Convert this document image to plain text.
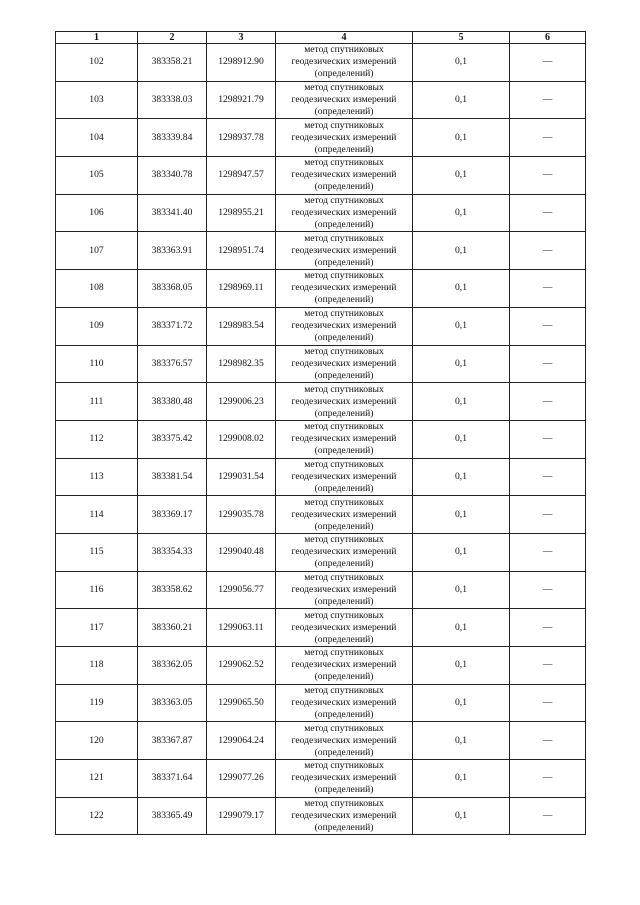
1	2	3	4	5	6
102	383358.21	1298912.90	метод спутниковых
геодезических измерений
(определений)	0,1	—
103	383338.03	1298921.79	метод спутниковых
геодезических измерений
(определений)	0,1	—
104	383339.84	1298937.78	метод спутниковых
геодезических измерений
(определений)	0,1	—
105	383340.78	1298947.57	метод спутниковых
геодезических измерений
(определений)	0,1	—
106	383341.40	1298955.21	метод спутниковых
геодезических измерений
(определений)	0,1	—
107	383363.91	1298951.74	метод спутниковых
геодезических измерений
(определений)	0,1	—
108	383368.05	1298969.11	метод спутниковых
геодезических измерений
(определений)	0,1	—
109	383371.72	1298983.54	метод спутниковых
геодезических измерений
(определений)	0,1	—
110	383376.57	1298982.35	метод спутниковых
геодезических измерений
(определений)	0,1	—
111	383380.48	1299006.23	метод спутниковых
геодезических измерений
(определений)	0,1	—
112	383375.42	1299008.02	метод спутниковых
геодезических измерений
(определений)	0,1	—
113	383381.54	1299031.54	метод спутниковых
геодезических измерений
(определений)	0,1	—
114	383369.17	1299035.78	метод спутниковых
геодезических измерений
(определений)	0,1	—
115	383354.33	1299040.48	метод спутниковых
геодезических измерений
(определений)	0,1	—
116	383358.62	1299056.77	метод спутниковых
геодезических измерений
(определений)	0,1	—
117	383360.21	1299063.11	метод спутниковых
геодезических измерений
(определений)	0,1	—
118	383362.05	1299062.52	метод спутниковых
геодезических измерений
(определений)	0,1	—
119	383363.05	1299065.50	метод спутниковых
геодезических измерений
(определений)	0,1	—
120	383367.87	1299064.24	метод спутниковых
геодезических измерений
(определений)	0,1	—
121	383371.64	1299077.26	метод спутниковых
геодезических измерений
(определений)	0,1	—
122	383365.49	1299079.17	метод спутниковых
геодезических измерений
(определений)	0,1	—
